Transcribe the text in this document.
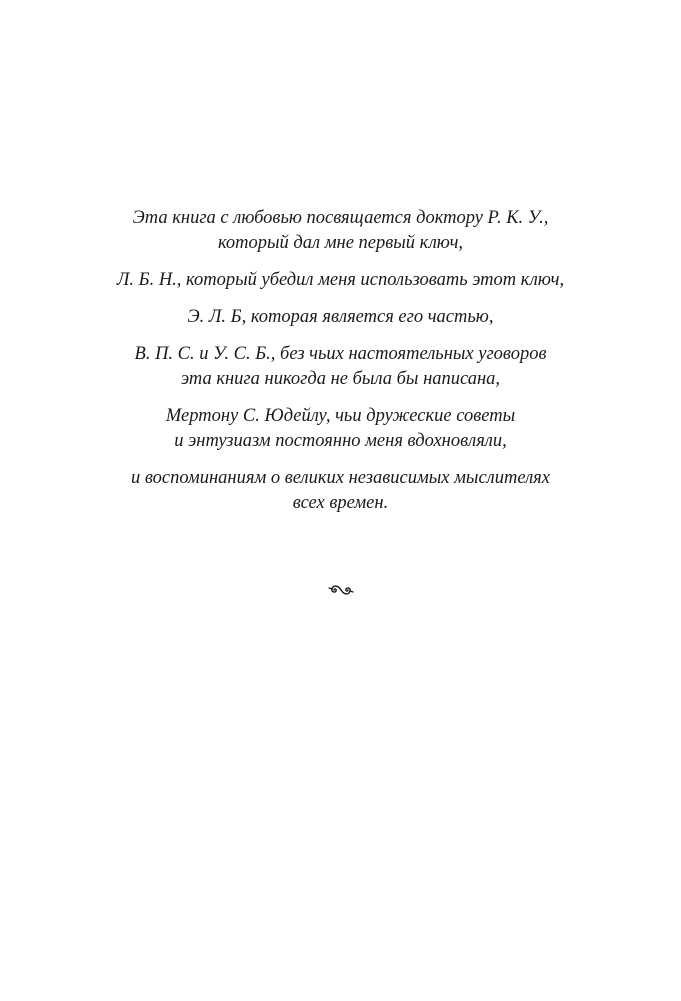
Эта книга с любовью посвящается доктору Р. К. У.,
который дал мне первый ключ,

Л. Б. Н., который убедил меня использовать этот ключ,

Э. Л. Б, которая является его частью,

В. П. С. и У. С. Б., без чьих настоятельных уговоров
эта книга никогда не была бы написана,

Мертону С. Юдейлу, чьи дружеские советы
и энтузиазм постоянно меня вдохновляли,

и воспоминаниям о великих независимых мыслителях
всех времен.
